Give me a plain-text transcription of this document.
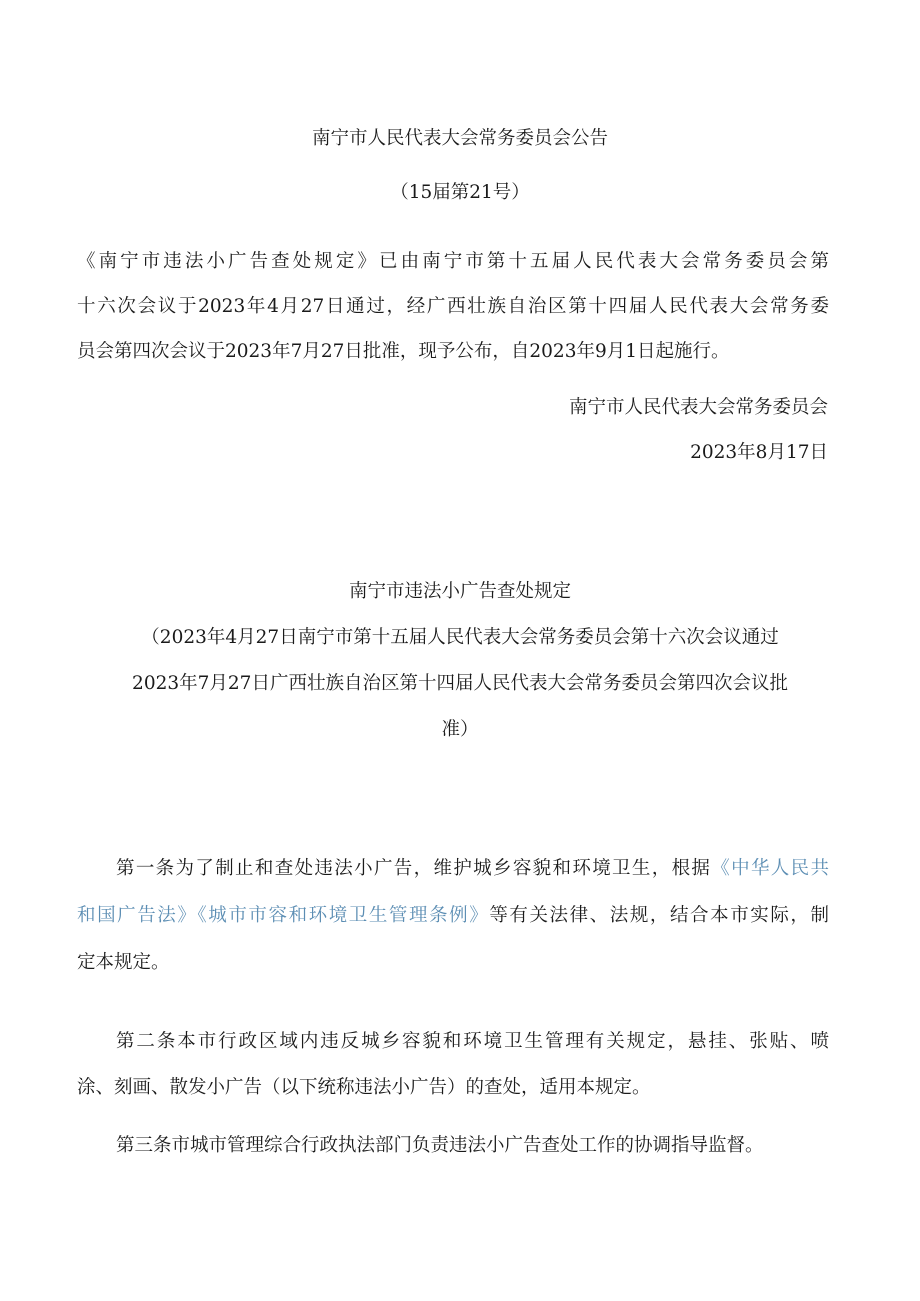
南宁市人民代表大会常务委员会公告
（15届第21号）
《南宁市违法小广告查处规定》已由南宁市第十五届人民代表大会常务委员会第
十六次会议于2023年4月27日通过，经广西壮族自治区第十四届人民代表大会常务委
员会第四次会议于2023年7月27日批准，现予公布，自2023年9月1日起施行。
南宁市人民代表大会常务委员会
2023年8月17日
南宁市违法小广告查处规定
（2023年4月27日南宁市第十五届人民代表大会常务委员会第十六次会议通过
2023年7月27日广西壮族自治区第十四届人民代表大会常务委员会第四次会议批
准）
第一条为了制止和查处违法小广告，维护城乡容貌和环境卫生，根据《中华人民共
和国广告法》《城市市容和环境卫生管理条例》等有关法律、法规，结合本市实际，制
定本规定。
第二条本市行政区域内违反城乡容貌和环境卫生管理有关规定，悬挂、张贴、喷
涂、刻画、散发小广告（以下统称违法小广告）的查处，适用本规定。
第三条市城市管理综合行政执法部门负责违法小广告查处工作的协调指导监督。
